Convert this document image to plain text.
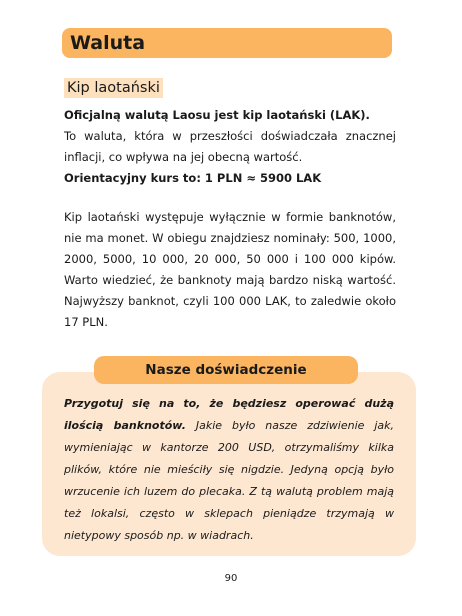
Waluta
Kip laotański
Oficjalną walutą Laosu jest kip laotański (LAK).
To waluta, która w przeszłości doświadczała znacznej inflacji, co wpływa na jej obecną wartość.
Orientacyjny kurs to: 1 PLN ≈ 5900 LAK
Kip laotański występuje wyłącznie w formie banknotów, nie ma monet. W obiegu znajdziesz nominały: 500, 1000, 2000, 5000, 10 000, 20 000, 50 000 i 100 000 kipów. Warto wiedzieć, że banknoty mają bardzo niską wartość. Najwyższy banknot, czyli 100 000 LAK, to zaledwie około 17 PLN.
Nasze doświadczenie
Przygotuj się na to, że będziesz operować dużą ilością banknotów. Jakie było nasze zdziwienie jak, wymieniając w kantorze 200 USD, otrzymaliśmy kilka plików, które nie mieściły się nigdzie. Jedyną opcją było wrzucenie ich luzem do plecaka. Z tą walutą problem mają też lokalsi, często w sklepach pieniądze trzymają w nietypowy sposób np. w wiadrach.
90
